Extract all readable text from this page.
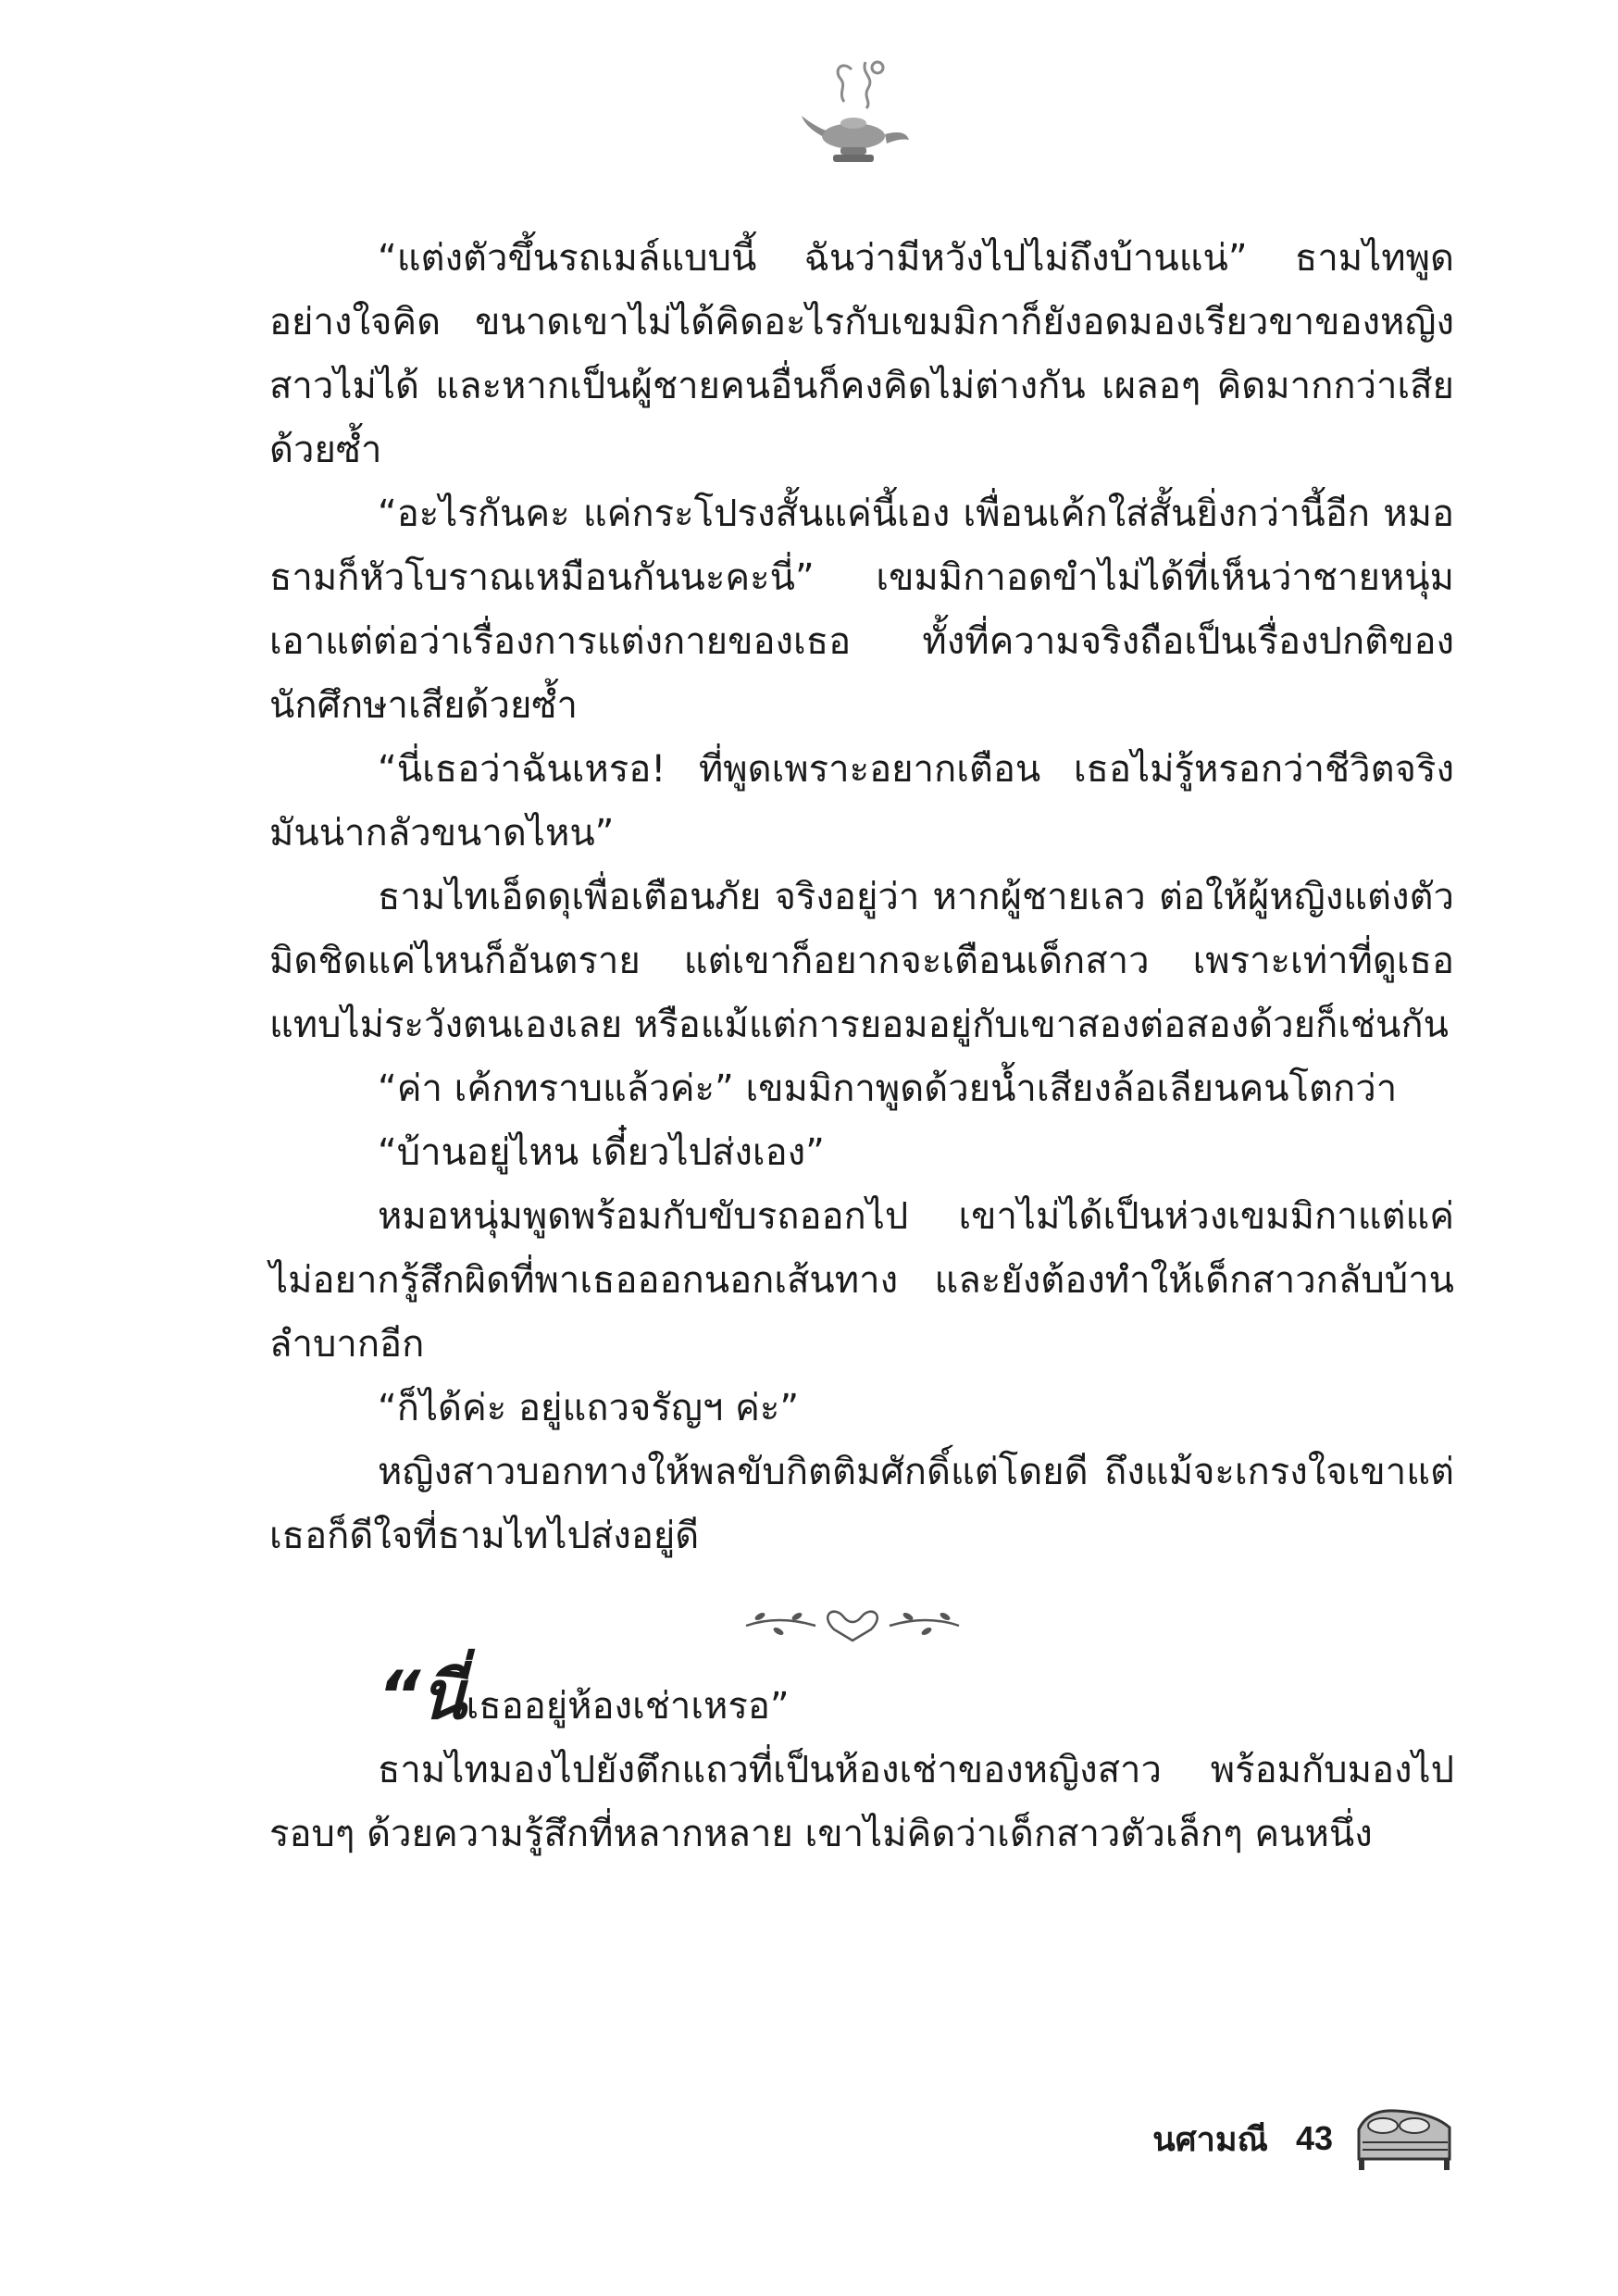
“แต่งตัวขึ้นรถเมล์แบบนี้ ฉันว่ามีหวังไปไม่ถึงบ้านแน่” ธามไทพูดอย่างใจคิด ขนาดเขาไม่ได้คิดอะไรกับเขมมิกาก็ยังอดมองเรียวขาของหญิงสาวไม่ได้ และหากเป็นผู้ชายคนอื่นก็คงคิดไม่ต่างกัน เผลอๆ คิดมากกว่าเสียด้วยซ้ำ

“อะไรกันคะ แค่กระโปรงสั้นแค่นี้เอง เพื่อนเค้กใส่สั้นยิ่งกว่านี้อีก หมอธามก็หัวโบราณเหมือนกันนะคะนี่” เขมมิกาอดขำไม่ได้ที่เห็นว่าชายหนุ่มเอาแต่ต่อว่าเรื่องการแต่งกายของเธอ ทั้งที่ความจริงถือเป็นเรื่องปกติของนักศึกษาเสียด้วยซ้ำ

“นี่เธอว่าฉันเหรอ! ที่พูดเพราะอยากเตือน เธอไม่รู้หรอกว่าชีวิตจริงมันน่ากลัวขนาดไหน”

ธามไทเอ็ดดุเพื่อเตือนภัย จริงอยู่ว่า หากผู้ชายเลว ต่อให้ผู้หญิงแต่งตัวมิดชิดแค่ไหนก็อันตราย แต่เขาก็อยากจะเตือนเด็กสาว เพราะเท่าที่ดูเธอแทบไม่ระวังตนเองเลย หรือแม้แต่การยอมอยู่กับเขาสองต่อสองด้วยก็เช่นกัน

“ค่า เค้กทราบแล้วค่ะ” เขมมิกาพูดด้วยน้ำเสียงล้อเลียนคนโตกว่า

“บ้านอยู่ไหน เดี๋ยวไปส่งเอง”

หมอหนุ่มพูดพร้อมกับขับรถออกไป เขาไม่ได้เป็นห่วงเขมมิกาแต่แค่ไม่อยากรู้สึกผิดที่พาเธอออกนอกเส้นทาง และยังต้องทำให้เด็กสาวกลับบ้านลำบากอีก

“ก็ได้ค่ะ อยู่แถวจรัญฯ ค่ะ”

หญิงสาวบอกทางให้พลขับกิตติมศักดิ์แต่โดยดี ถึงแม้จะเกรงใจเขาแต่เธอก็ดีใจที่ธามไทไปส่งอยู่ดี

“นี่เธออยู่ห้องเช่าเหรอ”

ธามไทมองไปยังตึกแถวที่เป็นห้องเช่าของหญิงสาว พร้อมกับมองไปรอบๆ ด้วยความรู้สึกที่หลากหลาย เขาไม่คิดว่าเด็กสาวตัวเล็กๆ คนหนึ่ง

นศามณี 43
